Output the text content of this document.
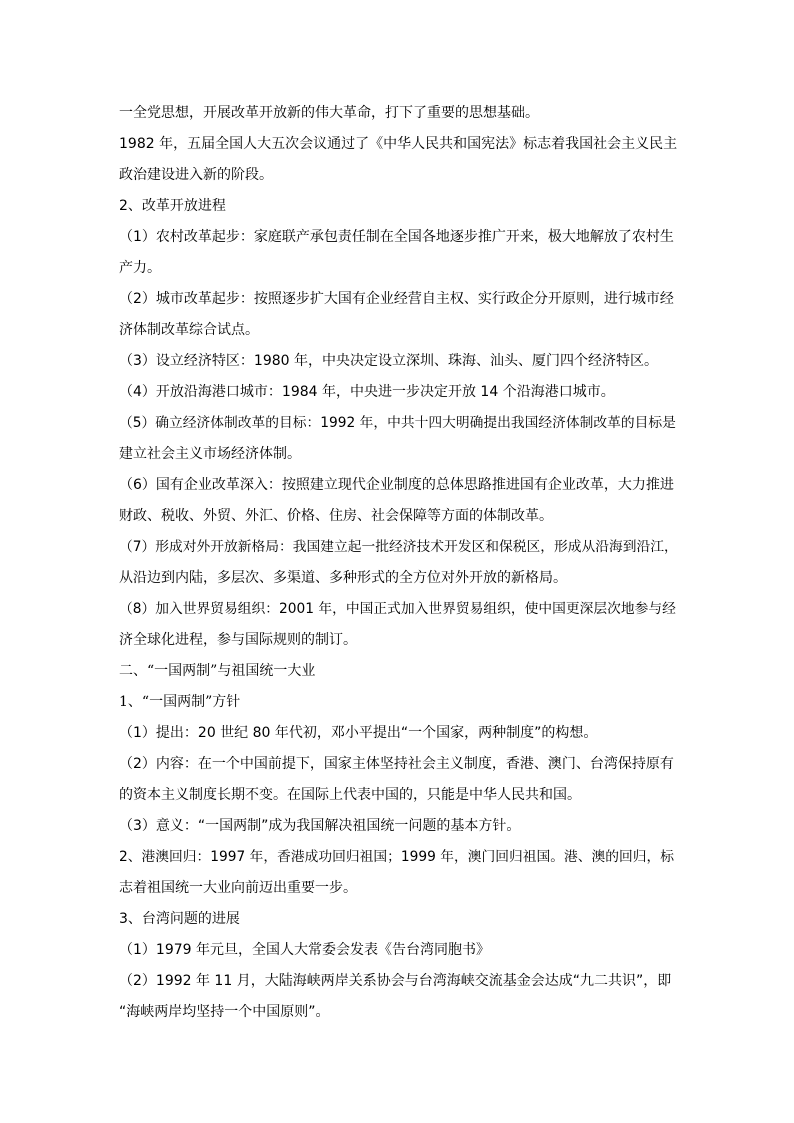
一全党思想，开展改革开放新的伟大革命，打下了重要的思想基础。
1982 年，五届全国人大五次会议通过了《中华人民共和国宪法》标志着我国社会主义民主
政治建设进入新的阶段。
2、改革开放进程
（1）农村改革起步：家庭联产承包责任制在全国各地逐步推广开来，极大地解放了农村生
产力。
（2）城市改革起步：按照逐步扩大国有企业经营自主权、实行政企分开原则，进行城市经
济体制改革综合试点。
（3）设立经济特区：1980 年，中央决定设立深圳、珠海、汕头、厦门四个经济特区。
（4）开放沿海港口城市：1984 年，中央进一步决定开放 14 个沿海港口城市。
（5）确立经济体制改革的目标：1992 年，中共十四大明确提出我国经济体制改革的目标是
建立社会主义市场经济体制。
（6）国有企业改革深入：按照建立现代企业制度的总体思路推进国有企业改革，大力推进
财政、税收、外贸、外汇、价格、住房、社会保障等方面的体制改革。
（7）形成对外开放新格局：我国建立起一批经济技术开发区和保税区，形成从沿海到沿江，
从沿边到内陆，多层次、多渠道、多种形式的全方位对外开放的新格局。
（8）加入世界贸易组织：2001 年，中国正式加入世界贸易组织，使中国更深层次地参与经
济全球化进程，参与国际规则的制订。
二、“一国两制”与祖国统一大业
1、“一国两制”方针
（1）提出：20 世纪 80 年代初，邓小平提出“一个国家，两种制度”的构想。
（2）内容：在一个中国前提下，国家主体坚持社会主义制度，香港、澳门、台湾保持原有
的资本主义制度长期不变。在国际上代表中国的，只能是中华人民共和国。
（3）意义：“一国两制”成为我国解决祖国统一问题的基本方针。
2、港澳回归：1997 年，香港成功回归祖国；1999 年，澳门回归祖国。港、澳的回归，标
志着祖国统一大业向前迈出重要一步。
3、台湾问题的进展
（1）1979 年元旦，全国人大常委会发表《告台湾同胞书》
（2）1992 年 11 月，大陆海峡两岸关系协会与台湾海峡交流基金会达成“九二共识”，即
“海峡两岸均坚持一个中国原则”。
